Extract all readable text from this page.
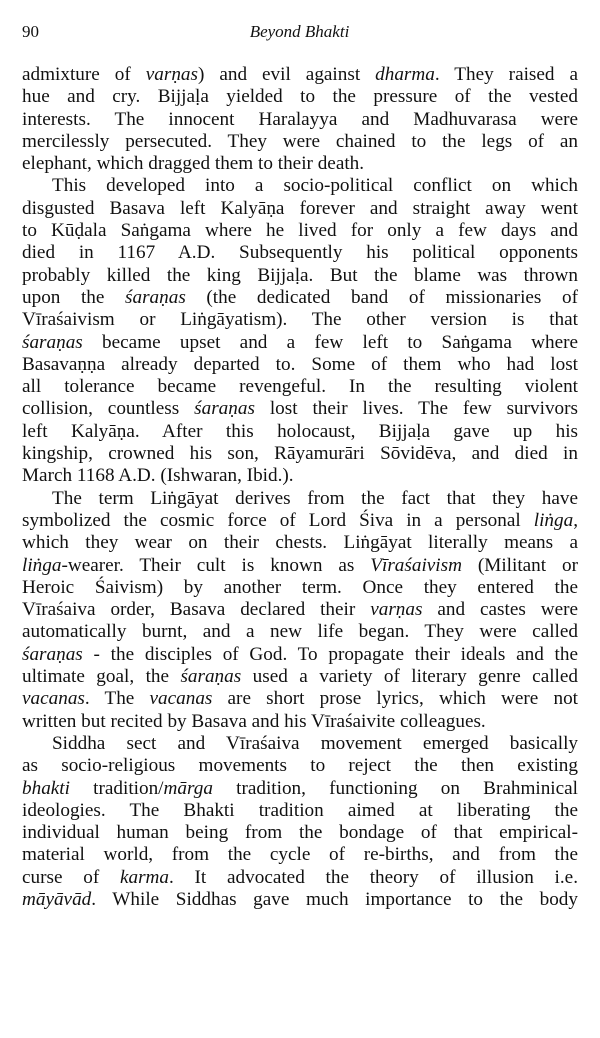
90	Beyond Bhakti
admixture of varṇas) and evil against dharma. They raised a
hue and cry. Bijjaḷa yielded to the pressure of the vested
interests. The innocent Haralayya and Madhuvarasa were
mercilessly persecuted. They were chained to the legs of an
elephant, which dragged them to their death.
This developed into a socio-political conflict on which
disgusted Basava left Kalyāṇa forever and straight away went
to Kūḍala Saṅgama where he lived for only a few days and
died in 1167 A.D. Subsequently his political opponents
probably killed the king Bijjaḷa. But the blame was thrown
upon the śaraṇas (the dedicated band of missionaries of
Vīraśaivism or Liṅgāyatism). The other version is that
śaraṇas became upset and a few left to Saṅgama where
Basavaṇṇa already departed to. Some of them who had lost
all tolerance became revengeful. In the resulting violent
collision, countless śaraṇas lost their lives. The few survivors
left Kalyāṇa. After this holocaust, Bijjaḷa gave up his
kingship, crowned his son, Rāyamurāri Sōvidēva, and died in
March 1168 A.D. (Ishwaran, Ibid.).
The term Liṅgāyat derives from the fact that they have
symbolized the cosmic force of Lord Śiva in a personal liṅga,
which they wear on their chests. Liṅgāyat literally means a
liṅga-wearer. Their cult is known as Vīraśaivism (Militant or
Heroic Śaivism) by another term. Once they entered the
Vīraśaiva order, Basava declared their varṇas and castes were
automatically burnt, and a new life began. They were called
śaraṇas - the disciples of God. To propagate their ideals and the
ultimate goal, the śaraṇas used a variety of literary genre called
vacanas. The vacanas are short prose lyrics, which were not
written but recited by Basava and his Vīraśaivite colleagues.
Siddha sect and Vīraśaiva movement emerged basically
as socio-religious movements to reject the then existing
bhakti tradition/mārga tradition, functioning on Brahminical
ideologies. The Bhakti tradition aimed at liberating the
individual human being from the bondage of that empirical-
material world, from the cycle of re-births, and from the
curse of karma. It advocated the theory of illusion i.e.
māyāvād. While Siddhas gave much importance to the body
